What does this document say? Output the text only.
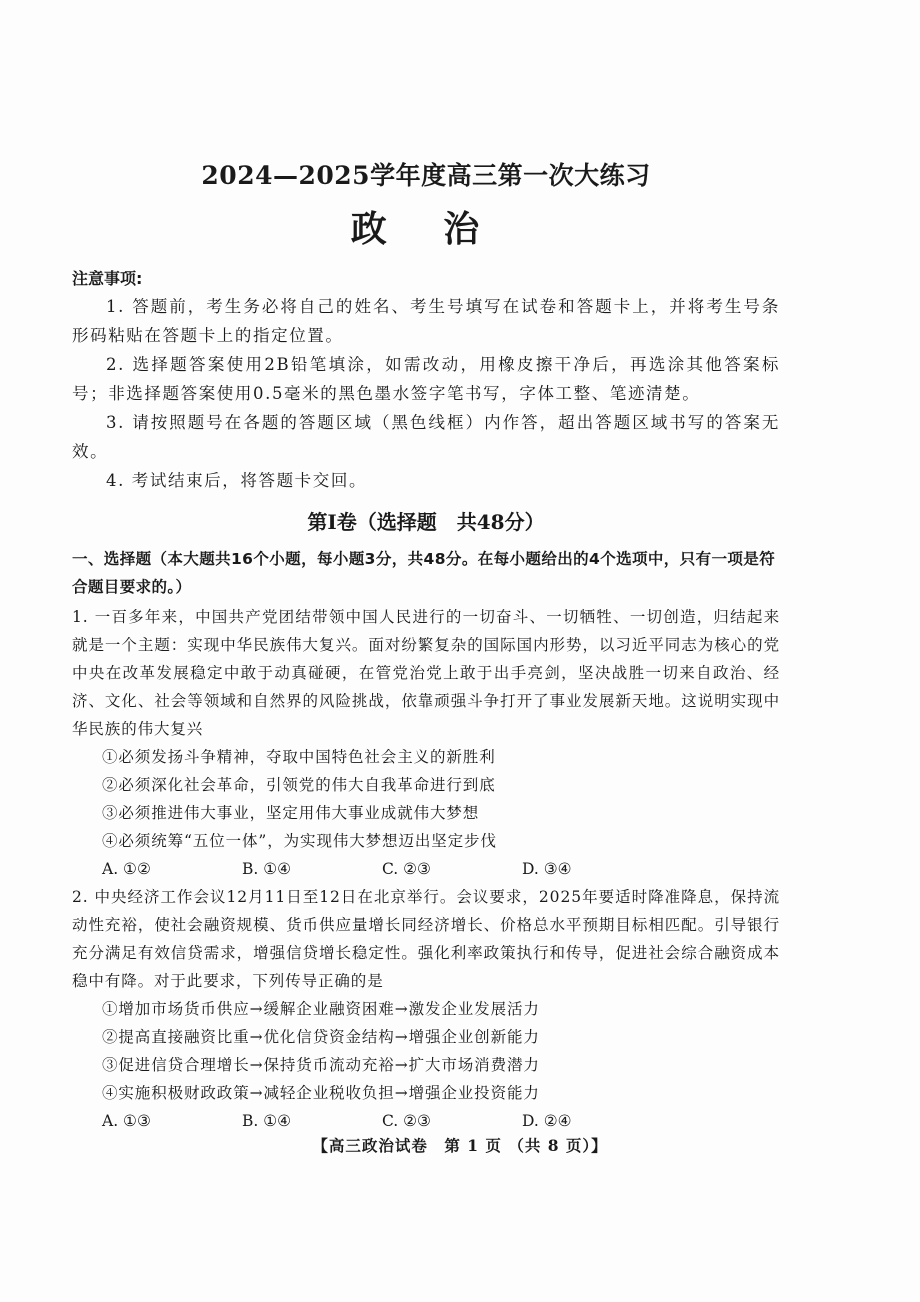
2024—2025学年度高三第一次大练习
政 治
注意事项:
1. 答题前，考生务必将自己的姓名、考生号填写在试卷和答题卡上，并将考生号条形码粘贴在答题卡上的指定位置。
2. 选择题答案使用2B铅笔填涂，如需改动，用橡皮擦干净后，再选涂其他答案标号；非选择题答案使用0.5毫米的黑色墨水签字笔书写，字体工整、笔迹清楚。
3. 请按照题号在各题的答题区域（黑色线框）内作答，超出答题区域书写的答案无效。
4. 考试结束后，将答题卡交回。
第I卷（选择题　共48分）
一、选择题（本大题共16个小题，每小题3分，共48分。在每小题给出的4个选项中，只有一项是符合题目要求的。）
1. 一百多年来，中国共产党团结带领中国人民进行的一切奋斗、一切牺牲、一切创造，归结起来就是一个主题：实现中华民族伟大复兴。面对纷繁复杂的国际国内形势，以习近平同志为核心的党中央在改革发展稳定中敢于动真碰硬，在管党治党上敢于出手亮剑，坚决战胜一切来自政治、经济、文化、社会等领域和自然界的风险挑战，依靠顽强斗争打开了事业发展新天地。这说明实现中华民族的伟大复兴
①必须发扬斗争精神，夺取中国特色社会主义的新胜利
②必须深化社会革命，引领党的伟大自我革命进行到底
③必须推进伟大事业，坚定用伟大事业成就伟大梦想
④必须统筹“五位一体”，为实现伟大梦想迈出坚定步伐
A. ①②	B. ①④	C. ②③	D. ③④
2. 中央经济工作会议12月11日至12日在北京举行。会议要求，2025年要适时降准降息，保持流动性充裕，使社会融资规模、货币供应量增长同经济增长、价格总水平预期目标相匹配。引导银行充分满足有效信贷需求，增强信贷增长稳定性。强化利率政策执行和传导，促进社会综合融资成本稳中有降。对于此要求，下列传导正确的是
①增加市场货币供应→缓解企业融资困难→激发企业发展活力
②提高直接融资比重→优化信贷资金结构→增强企业创新能力
③促进信贷合理增长→保持货币流动充裕→扩大市场消费潜力
④实施积极财政政策→减轻企业税收负担→增强企业投资能力
A. ①③	B. ①④	C. ②③	D. ②④
【高三政治试卷　第 1 页 （共 8 页）】
